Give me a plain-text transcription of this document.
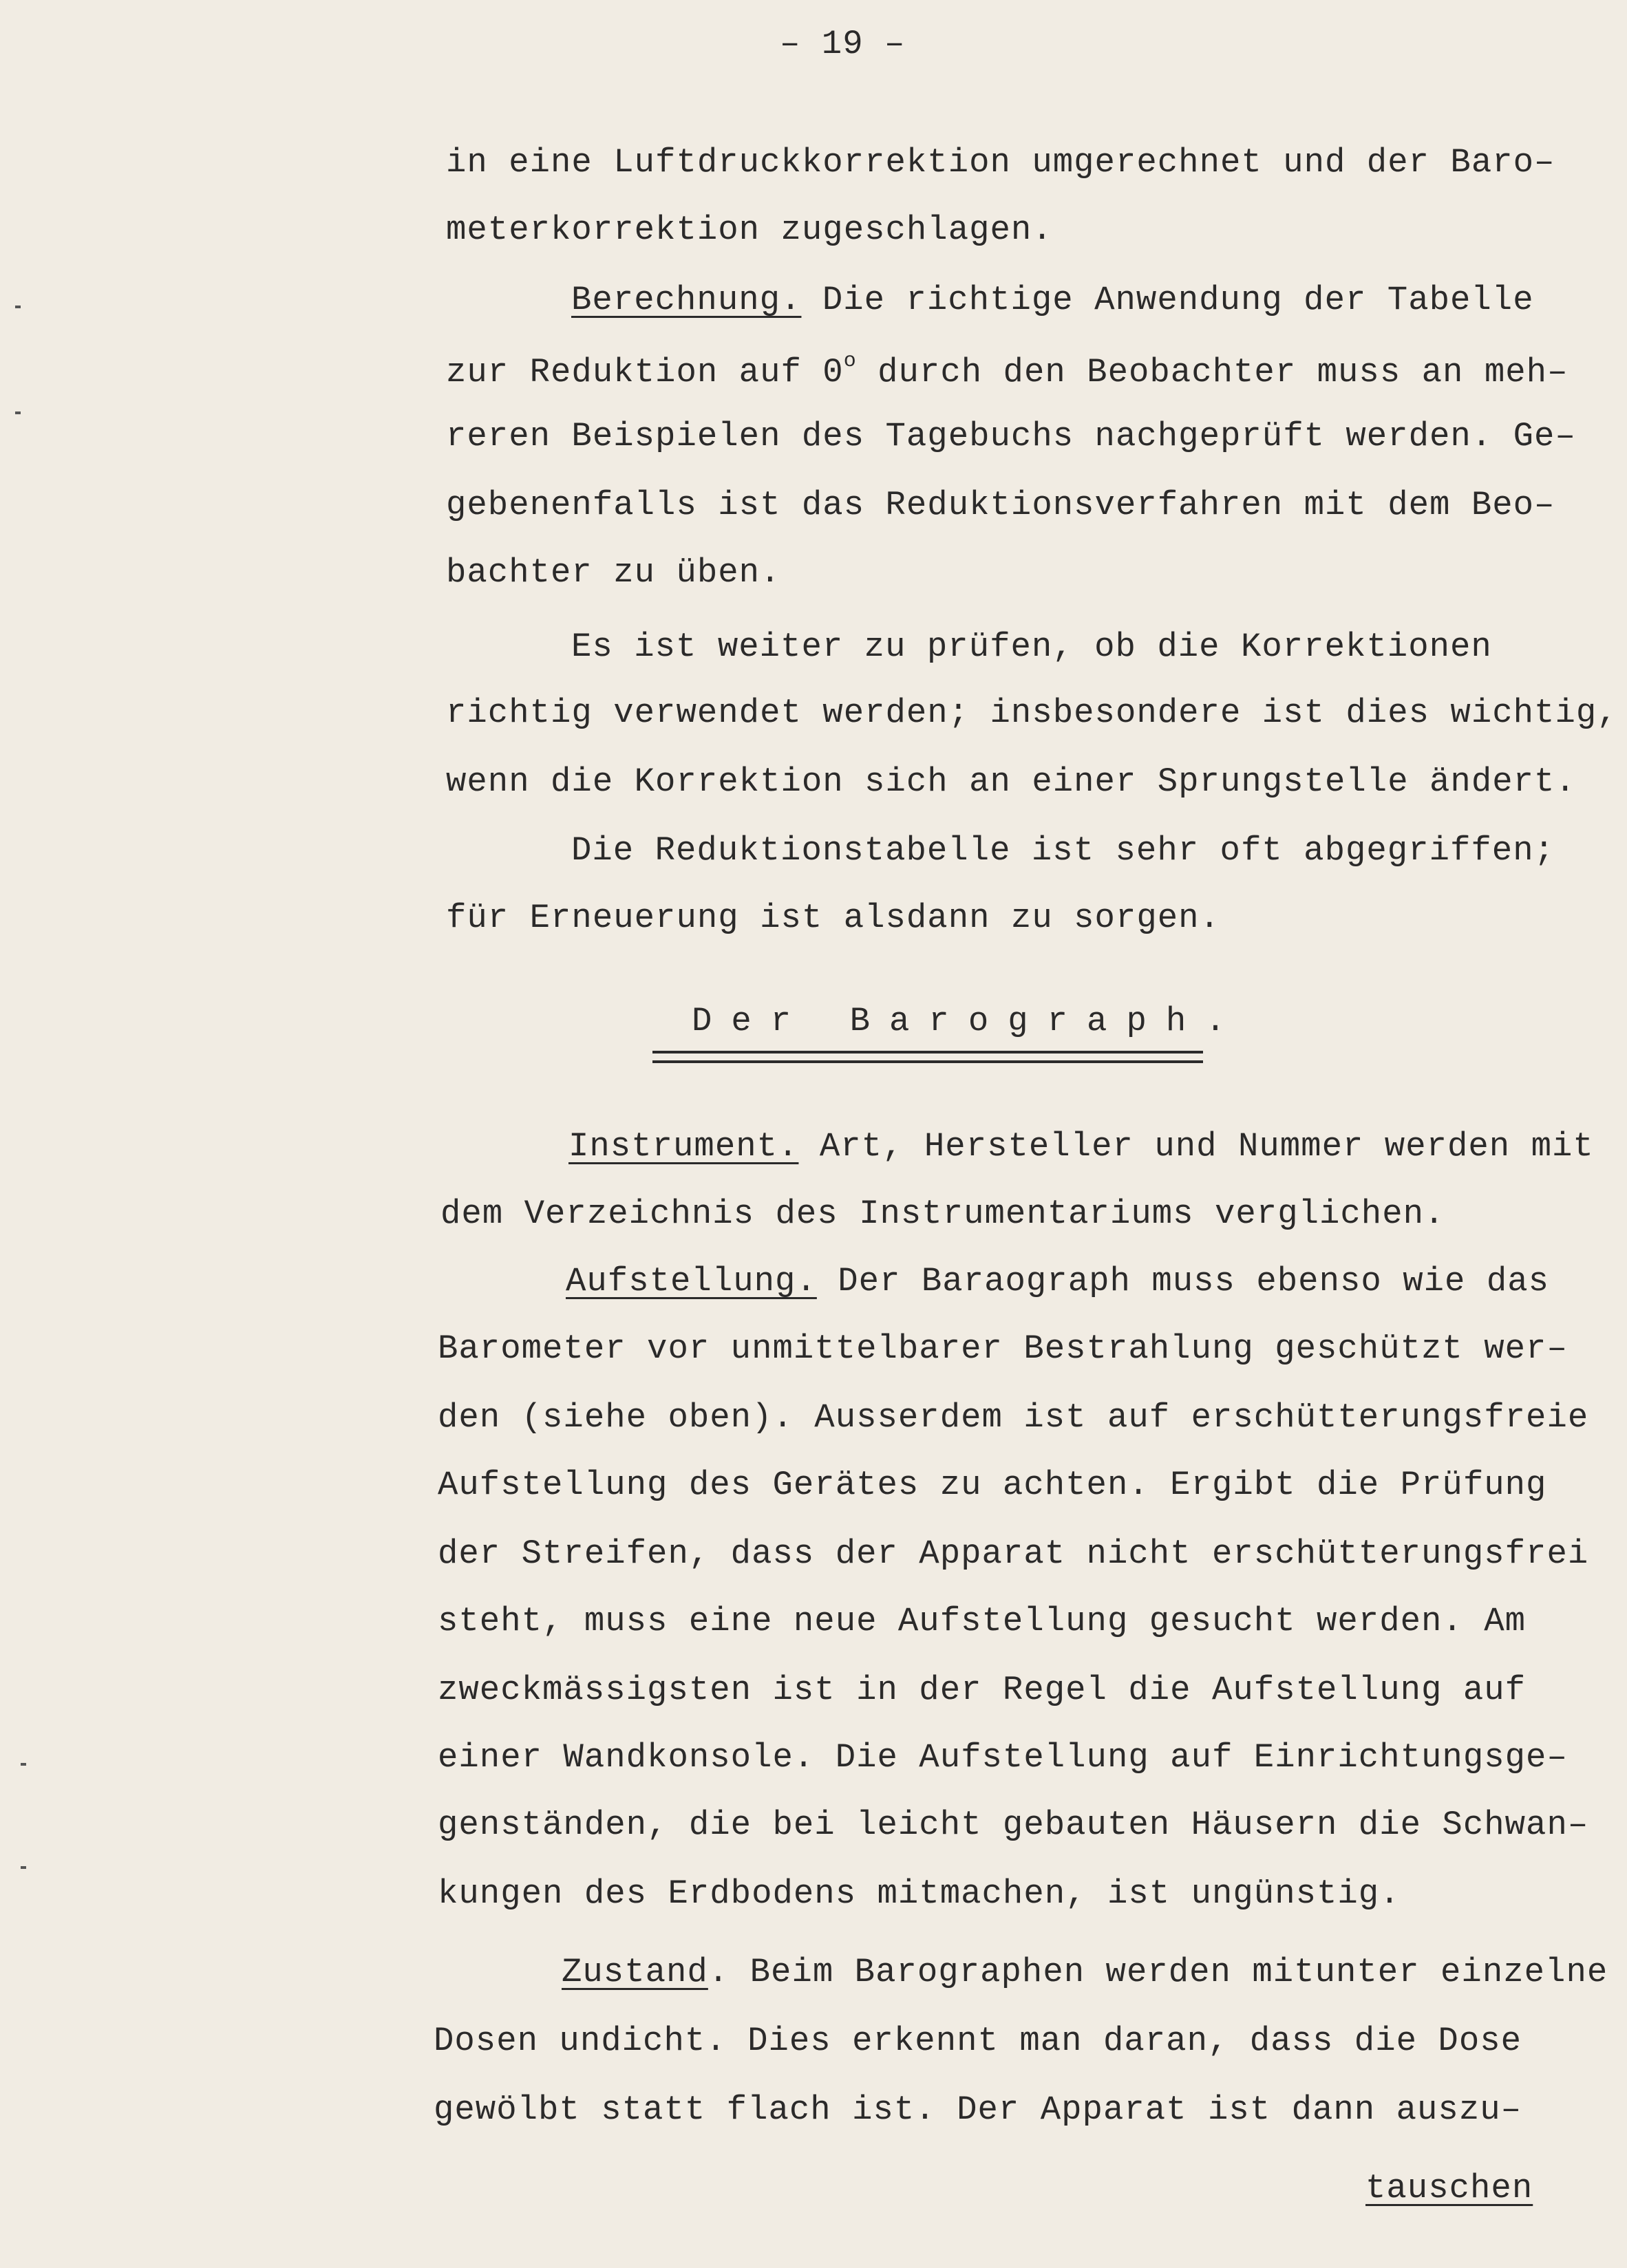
– 19 –
in eine Luftdruckkorrektion umgerechnet und der Baro–
meterkorrektion zugeschlagen.
Berechnung. Die richtige Anwendung der Tabelle
zur Reduktion auf 0$^o$ durch den Beobachter muss an meh–
reren Beispielen des Tagebuchs nachgeprüft werden. Ge–
gebenenfalls ist das Reduktionsverfahren mit dem Beo–
bachter zu üben.
Es ist weiter zu prüfen, ob die Korrektionen
richtig verwendet werden; insbesondere ist dies wichtig,
wenn die Korrektion sich an einer Sprungstelle ändert.
Die Reduktionstabelle ist sehr oft abgegriffen;
für Erneuerung ist alsdann zu sorgen.
Der Barograph.
Instrument. Art, Hersteller und Nummer werden mit
dem Verzeichnis des Instrumentariums verglichen.
Aufstellung. Der Baraograph muss ebenso wie das
Barometer vor unmittelbarer Bestrahlung geschützt wer–
den (siehe oben). Ausserdem ist auf erschütterungsfreie
Aufstellung des Gerätes zu achten. Ergibt die Prüfung
der Streifen, dass der Apparat nicht erschütterungsfrei
steht, muss eine neue Aufstellung gesucht werden. Am
zweckmässigsten ist in der Regel die Aufstellung auf
einer Wandkonsole. Die Aufstellung auf Einrichtungsge–
genständen, die bei leicht gebauten Häusern die Schwan–
kungen des Erdbodens mitmachen, ist ungünstig.
Zustand. Beim Barographen werden mitunter einzelne
Dosen undicht. Dies erkennt man daran, dass die Dose
gewölbt statt flach ist. Der Apparat ist dann auszu–
tauschen
